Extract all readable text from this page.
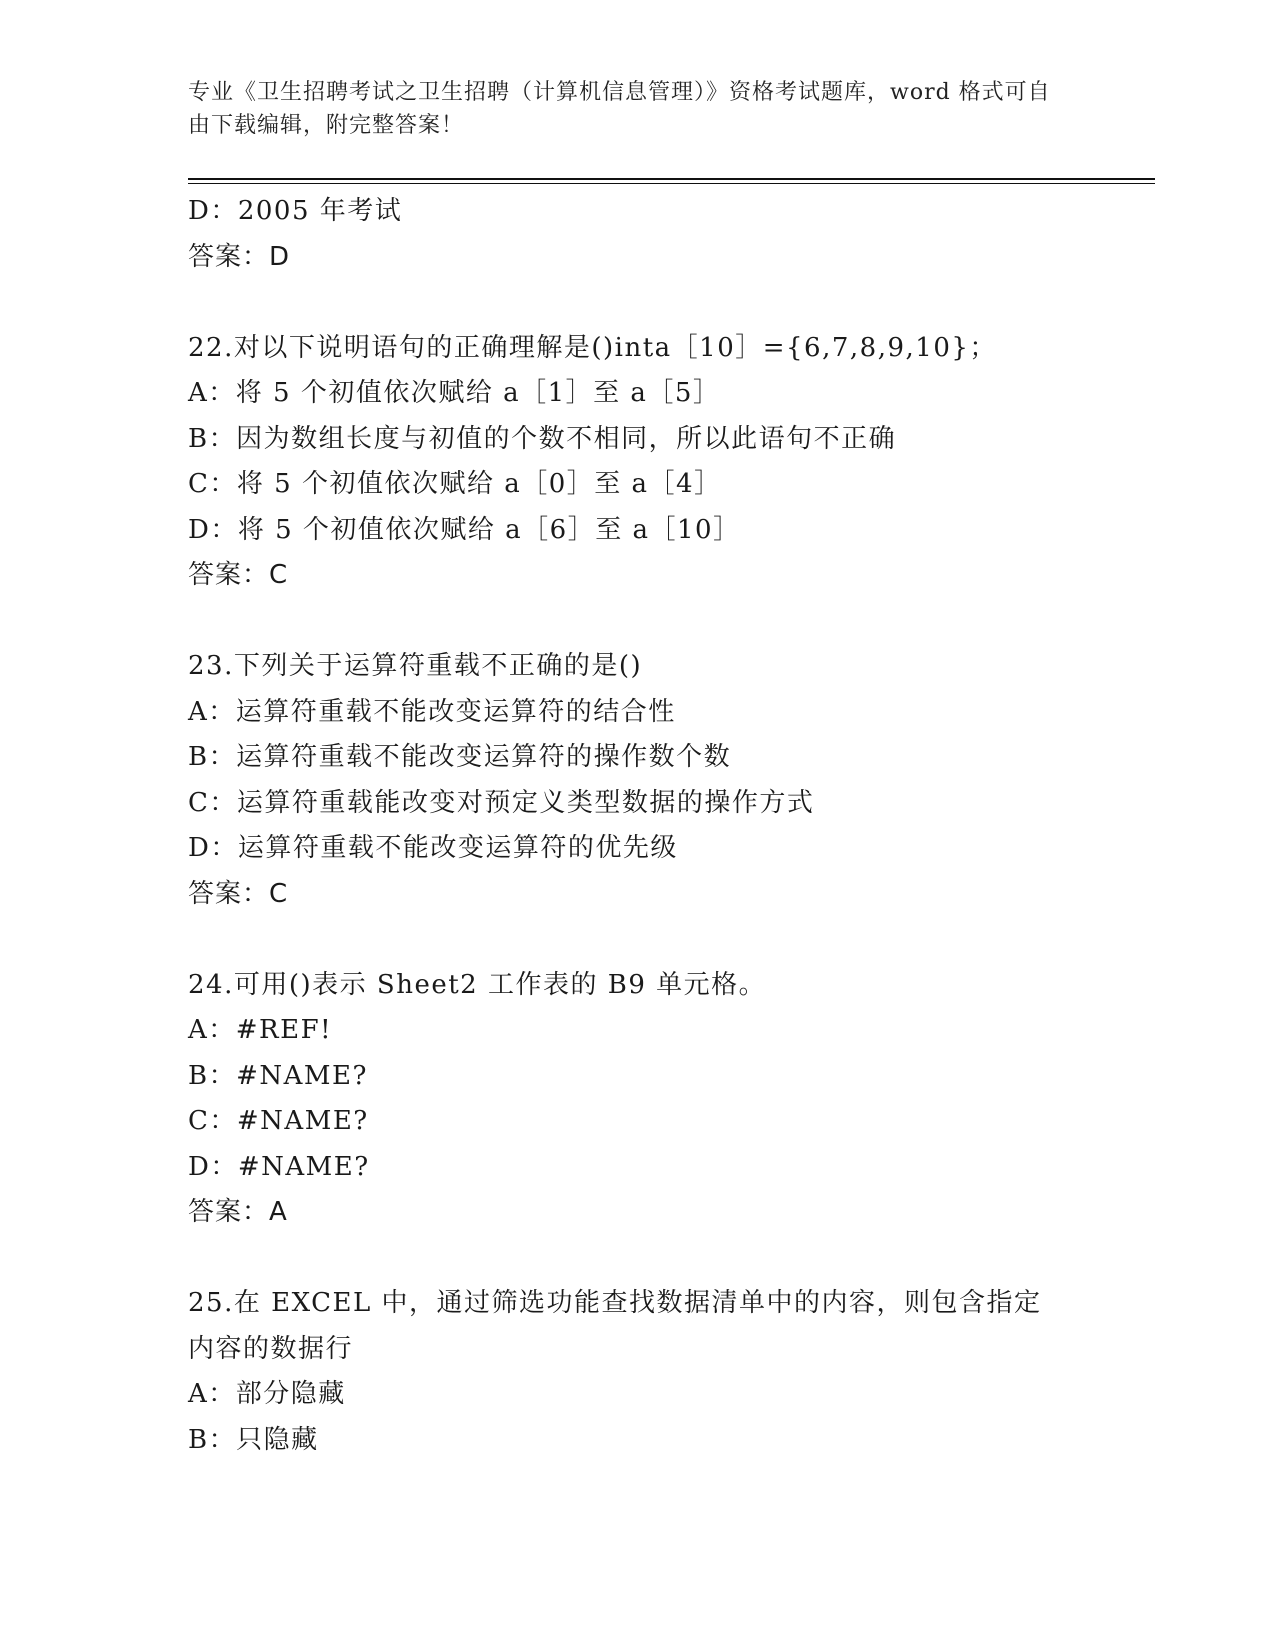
专业《卫生招聘考试之卫生招聘（计算机信息管理）》资格考试题库，word 格式可自由下载编辑，附完整答案！
D：2005 年考试
答案：D
22.对以下说明语句的正确理解是()inta［10］={6,7,8,9,10}；
A：将 5 个初值依次赋给 a［1］至 a［5］
B：因为数组长度与初值的个数不相同，所以此语句不正确
C：将 5 个初值依次赋给 a［0］至 a［4］
D：将 5 个初值依次赋给 a［6］至 a［10］
答案：C
23.下列关于运算符重载不正确的是()
A：运算符重载不能改变运算符的结合性
B：运算符重载不能改变运算符的操作数个数
C：运算符重载能改变对预定义类型数据的操作方式
D：运算符重载不能改变运算符的优先级
答案：C
24.可用()表示 Sheet2 工作表的 B9 单元格。
A：#REF!
B：#NAME?
C：#NAME?
D：#NAME?
答案：A
25.在 EXCEL 中，通过筛选功能查找数据清单中的内容，则包含指定内容的数据行
A：部分隐藏
B：只隐藏
